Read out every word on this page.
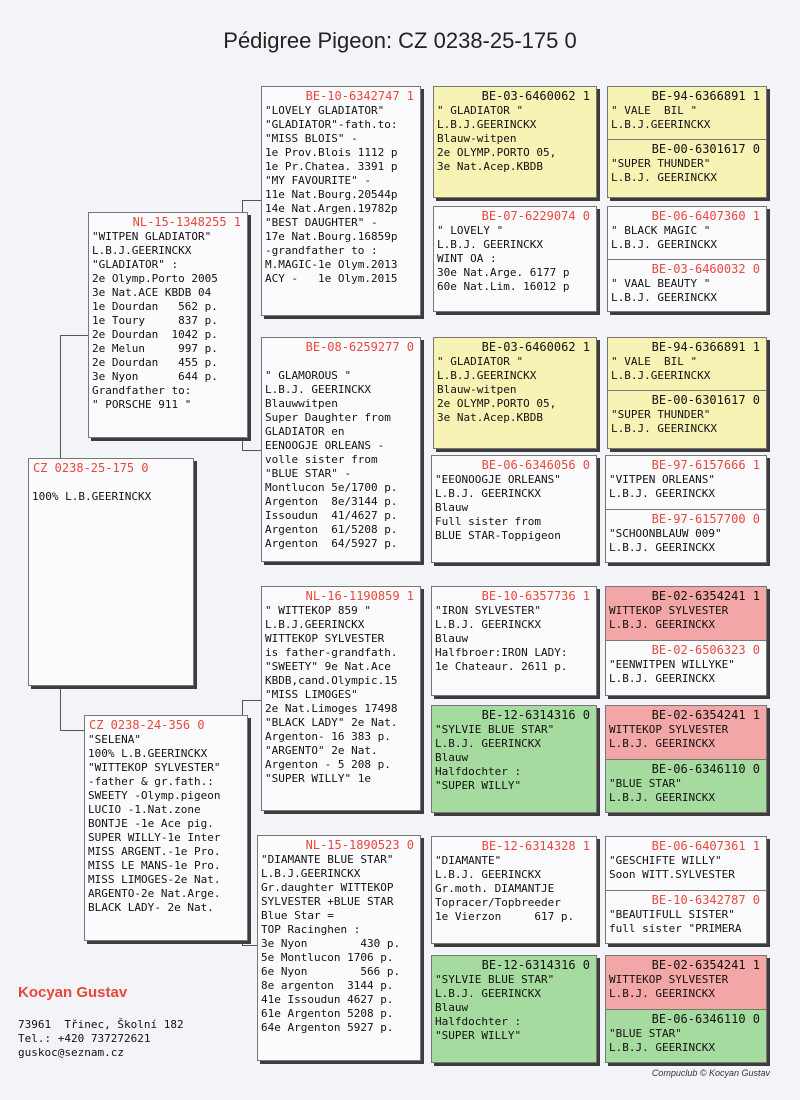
Pédigree Pigeon: CZ 0238-25-175 0
CZ 0238-25-175 0

100% L.B.GEERINCKX
NL-15-1348255 1
"WITPEN GLADIATOR"
L.B.J.GEERINCKX
"GLADIATOR" :
2e Olymp.Porto 2005
3e Nat.ACE KBDB 04
1e Dourdan   562 p.
1e Toury     837 p.
2e Dourdan  1042 p.
2e Melun     997 p.
2e Dourdan   455 p.
3e Nyon      644 p.
Grandfather to:
" PORSCHE 911 "
CZ 0238-24-356 0
"SELENA"
100% L.B.GEERINCKX
"WITTEKOP SYLVESTER"
-father & gr.fath.:
SWEETY -Olymp.pigeon
LUCIO -1.Nat.zone
BONTJE -1e Ace pig.
SUPER WILLY-1e Inter
MISS ARGENT.-1e Pro.
MISS LE MANS-1e Pro.
MISS LIMOGES-2e Nat.
ARGENTO-2e Nat.Arge.
BLACK LADY- 2e Nat.
BE-10-6342747 1
"LOVELY GLADIATOR"
"GLADIATOR"-fath.to:
"MISS BLOIS" -
1e Prov.Blois 1112 p
1e Pr.Chatea. 3391 p
"MY FAVOURITE" -
11e Nat.Bourg.20544p
14e Nat.Argen.19782p
"BEST DAUGHTER" -
17e Nat.Bourg.16859p
-grandfather to :
M.MAGIC-1e Olym.2013
ACY -   1e Olym.2015
BE-08-6259277 0

" GLAMOROUS "
L.B.J. GEERINCKX
Blauwwitpen
Super Daughter from
GLADIATOR en
EENOOGJE ORLEANS -
volle sister from
"BLUE STAR" -
Montlucon 5e/1700 p.
Argenton  8e/3144 p.
Issoudun  41/4627 p.
Argenton  61/5208 p.
Argenton  64/5927 p.
NL-16-1190859 1
" WITTEKOP 859 "
L.B.J.GEERINCKX
WITTEKOP SYLVESTER
is father-grandfath.
"SWEETY" 9e Nat.Ace
KBDB,cand.Olympic.15
"MISS LIMOGES"
2e Nat.Limoges 17498
"BLACK LADY" 2e Nat.
Argenton- 16 383 p.
"ARGENTO" 2e Nat.
Argenton - 5 208 p.
"SUPER WILLY" 1e
NL-15-1890523 0
"DIAMANTE BLUE STAR"
L.B.J.GEERINCKX
Gr.daughter WITTEKOP
SYLVESTER +BLUE STAR
Blue Star =
TOP Racinghen :
3e Nyon        430 p.
5e Montlucon 1706 p.
6e Nyon        566 p.
8e argenton  3144 p.
41e Issoudun 4627 p.
61e Argenton 5208 p.
64e Argenton 5927 p.
BE-03-6460062 1
" GLADIATOR "
L.B.J.GEERINCKX
Blauw-witpen
2e OLYMP.PORTO 05,
3e Nat.Acep.KBDB
BE-07-6229074 0
" LOVELY "
L.B.J. GEERINCKX
WINT OA :
30e Nat.Arge. 6177 p
60e Nat.Lim. 16012 p
BE-03-6460062 1
" GLADIATOR "
L.B.J.GEERINCKX
Blauw-witpen
2e OLYMP.PORTO 05,
3e Nat.Acep.KBDB
BE-06-6346056 0
"EEONOOGJE ORLEANS"
L.B.J. GEERINCKX
Blauw
Full sister from
BLUE STAR-Toppigeon
BE-10-6357736 1
"IRON SYLVESTER"
L.B.J. GEERINCKX
Blauw
Halfbroer:IRON LADY:
1e Chateaur. 2611 p.
BE-12-6314316 0
"SYLVIE BLUE STAR"
L.B.J. GEERINCKX
Blauw
Halfdochter :
"SUPER WILLY"
BE-12-6314328 1
"DIAMANTE"
L.B.J. GEERINCKX
Gr.moth. DIAMANTJE
Topracer/Topbreeder
1e Vierzon     617 p.
BE-12-6314316 0
"SYLVIE BLUE STAR"
L.B.J. GEERINCKX
Blauw
Halfdochter :
"SUPER WILLY"
BE-94-6366891 1
" VALE  BIL "
L.B.J.GEERINCKX
BE-00-6301617 0
"SUPER THUNDER"
L.B.J. GEERINCKX
BE-06-6407360 1
" BLACK MAGIC "
L.B.J. GEERINCKX
BE-03-6460032 0
" VAAL BEAUTY "
L.B.J. GEERINCKX
BE-94-6366891 1
" VALE  BIL "
L.B.J.GEERINCKX
BE-00-6301617 0
"SUPER THUNDER"
L.B.J. GEERINCKX
BE-97-6157666 1
"VITPEN ORLEANS"
L.B.J. GEERINCKX
BE-97-6157700 0
"SCHOONBLAUW 009"
L.B.J. GEERINCKX
BE-02-6354241 1
WITTEKOP SYLVESTER
L.B.J. GEERINCKX
BE-02-6506323 0
"EENWITPEN WILLYKE"
L.B.J. GEERINCKX
BE-02-6354241 1
WITTEKOP SYLVESTER
L.B.J. GEERINCKX
BE-06-6346110 0
"BLUE STAR"
L.B.J. GEERINCKX
BE-06-6407361 1
"GESCHIFTE WILLY"
Soon WITT.SYLVESTER
BE-10-6342787 0
"BEAUTIFULL SISTER"
full sister "PRIMERA
BE-02-6354241 1
WITTEKOP SYLVESTER
L.B.J. GEERINCKX
BE-06-6346110 0
"BLUE STAR"
L.B.J. GEERINCKX
Kocyan Gustav
73961  Třinec, Školní 182
Tel.: +420 737272621
guskoc@seznam.cz
Compuclub © Kocyan Gustav
